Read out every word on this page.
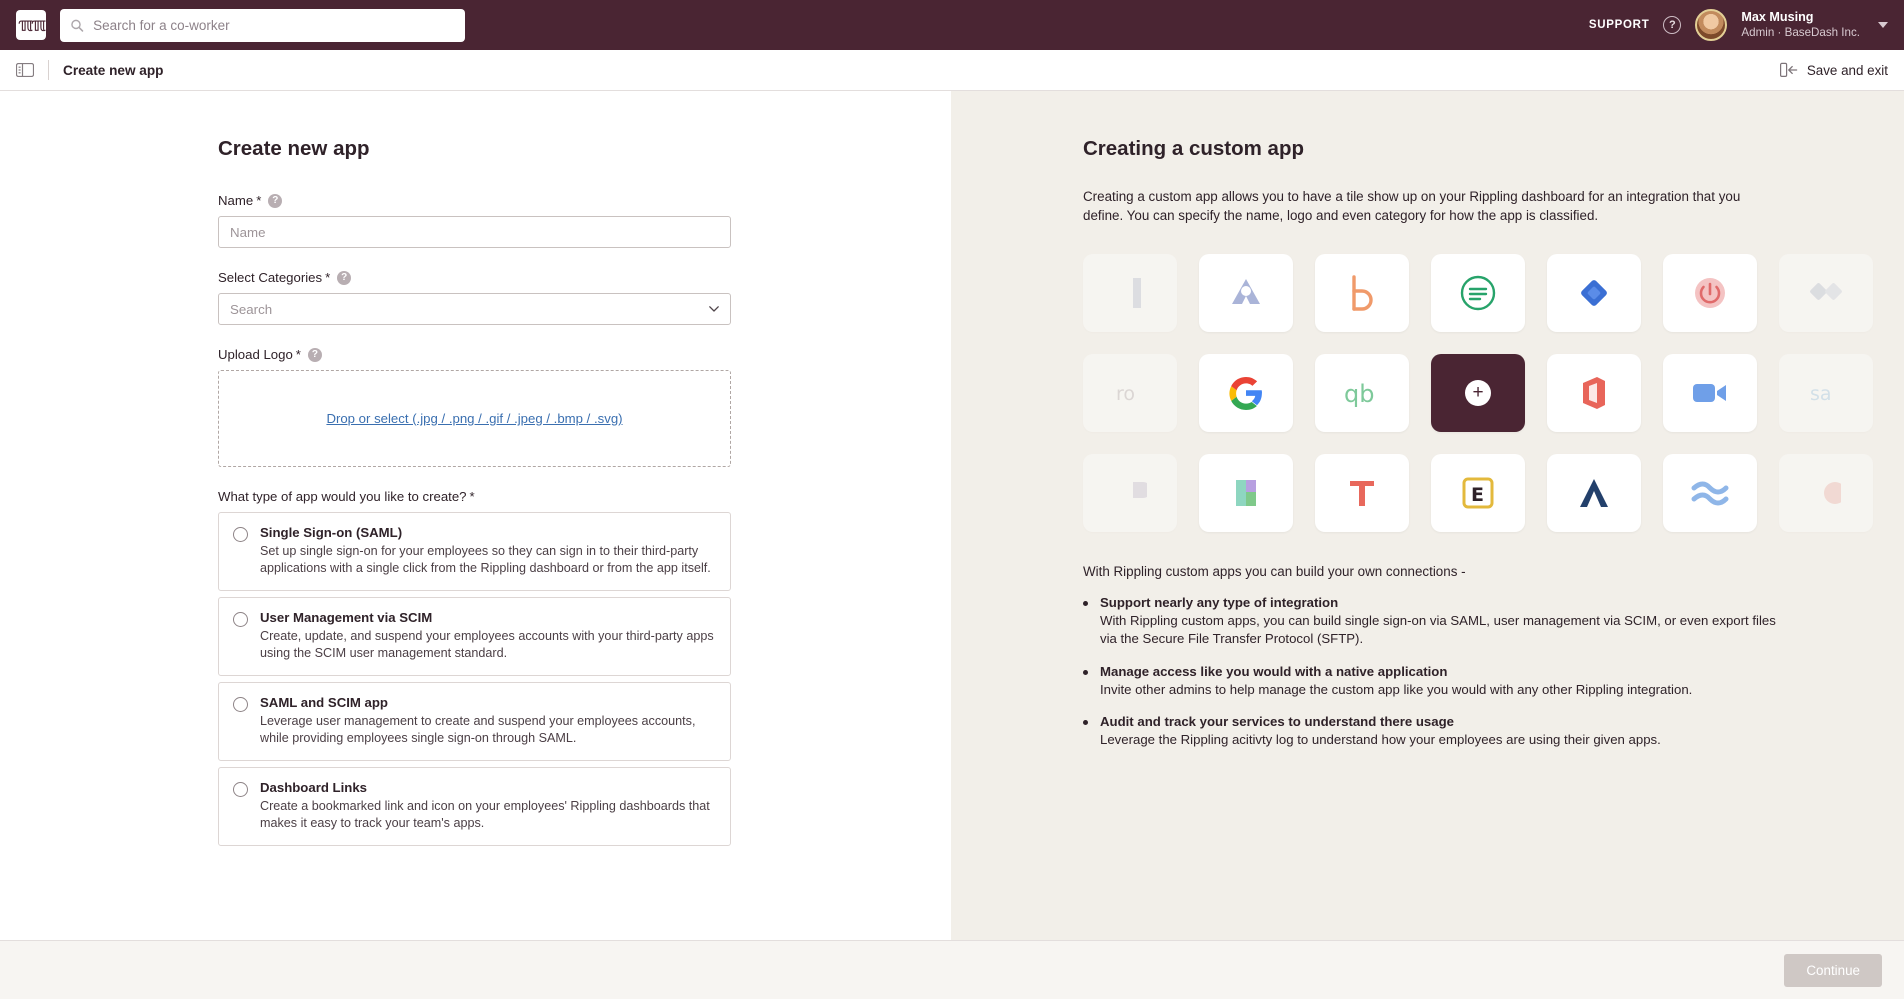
ℼℼ
Search for a co-worker	SUPPORT	?
Max Musing
Admin · BaseDash Inc.
Create new app	Save and exit
Create new app
Name *	?
Name
Select Categories *	?
Search
Upload Logo *	?
Drop or select (.jpg / .png / .gif / .jpeg / .bmp / .svg)
What type of app would you like to create? *
Single Sign-on (SAML)
Set up single sign-on for your employees so they can sign in to their third-party applications with a single click from the Rippling dashboard or from the app itself.
User Management via SCIM
Create, update, and suspend your employees accounts with your third-party apps using the SCIM user management standard.
SAML and SCIM app
Leverage user management to create and suspend your employees accounts, while providing employees single sign-on through SAML.
Dashboard Links
Create a bookmarked link and icon on your employees' Rippling dashboards that makes it easy to track your team's apps.
Creating a custom app

Creating a custom app allows you to have a tile show up on your Rippling dashboard for an integration that you define. You can specify the name, logo and even category for how the app is classified.

ro	qb	+	sa
E
With Rippling custom apps you can build your own connections -
Support nearly any type of integration
With Rippling custom apps, you can build single sign-on via SAML, user management via SCIM, or even export files via the Secure File Transfer Protocol (SFTP).
Manage access like you would with a native application
Invite other admins to help manage the custom app like you would with any other Rippling integration.
Audit and track your services to understand there usage
Leverage the Rippling acitivty log to understand how your employees are using their given apps.
Continue
